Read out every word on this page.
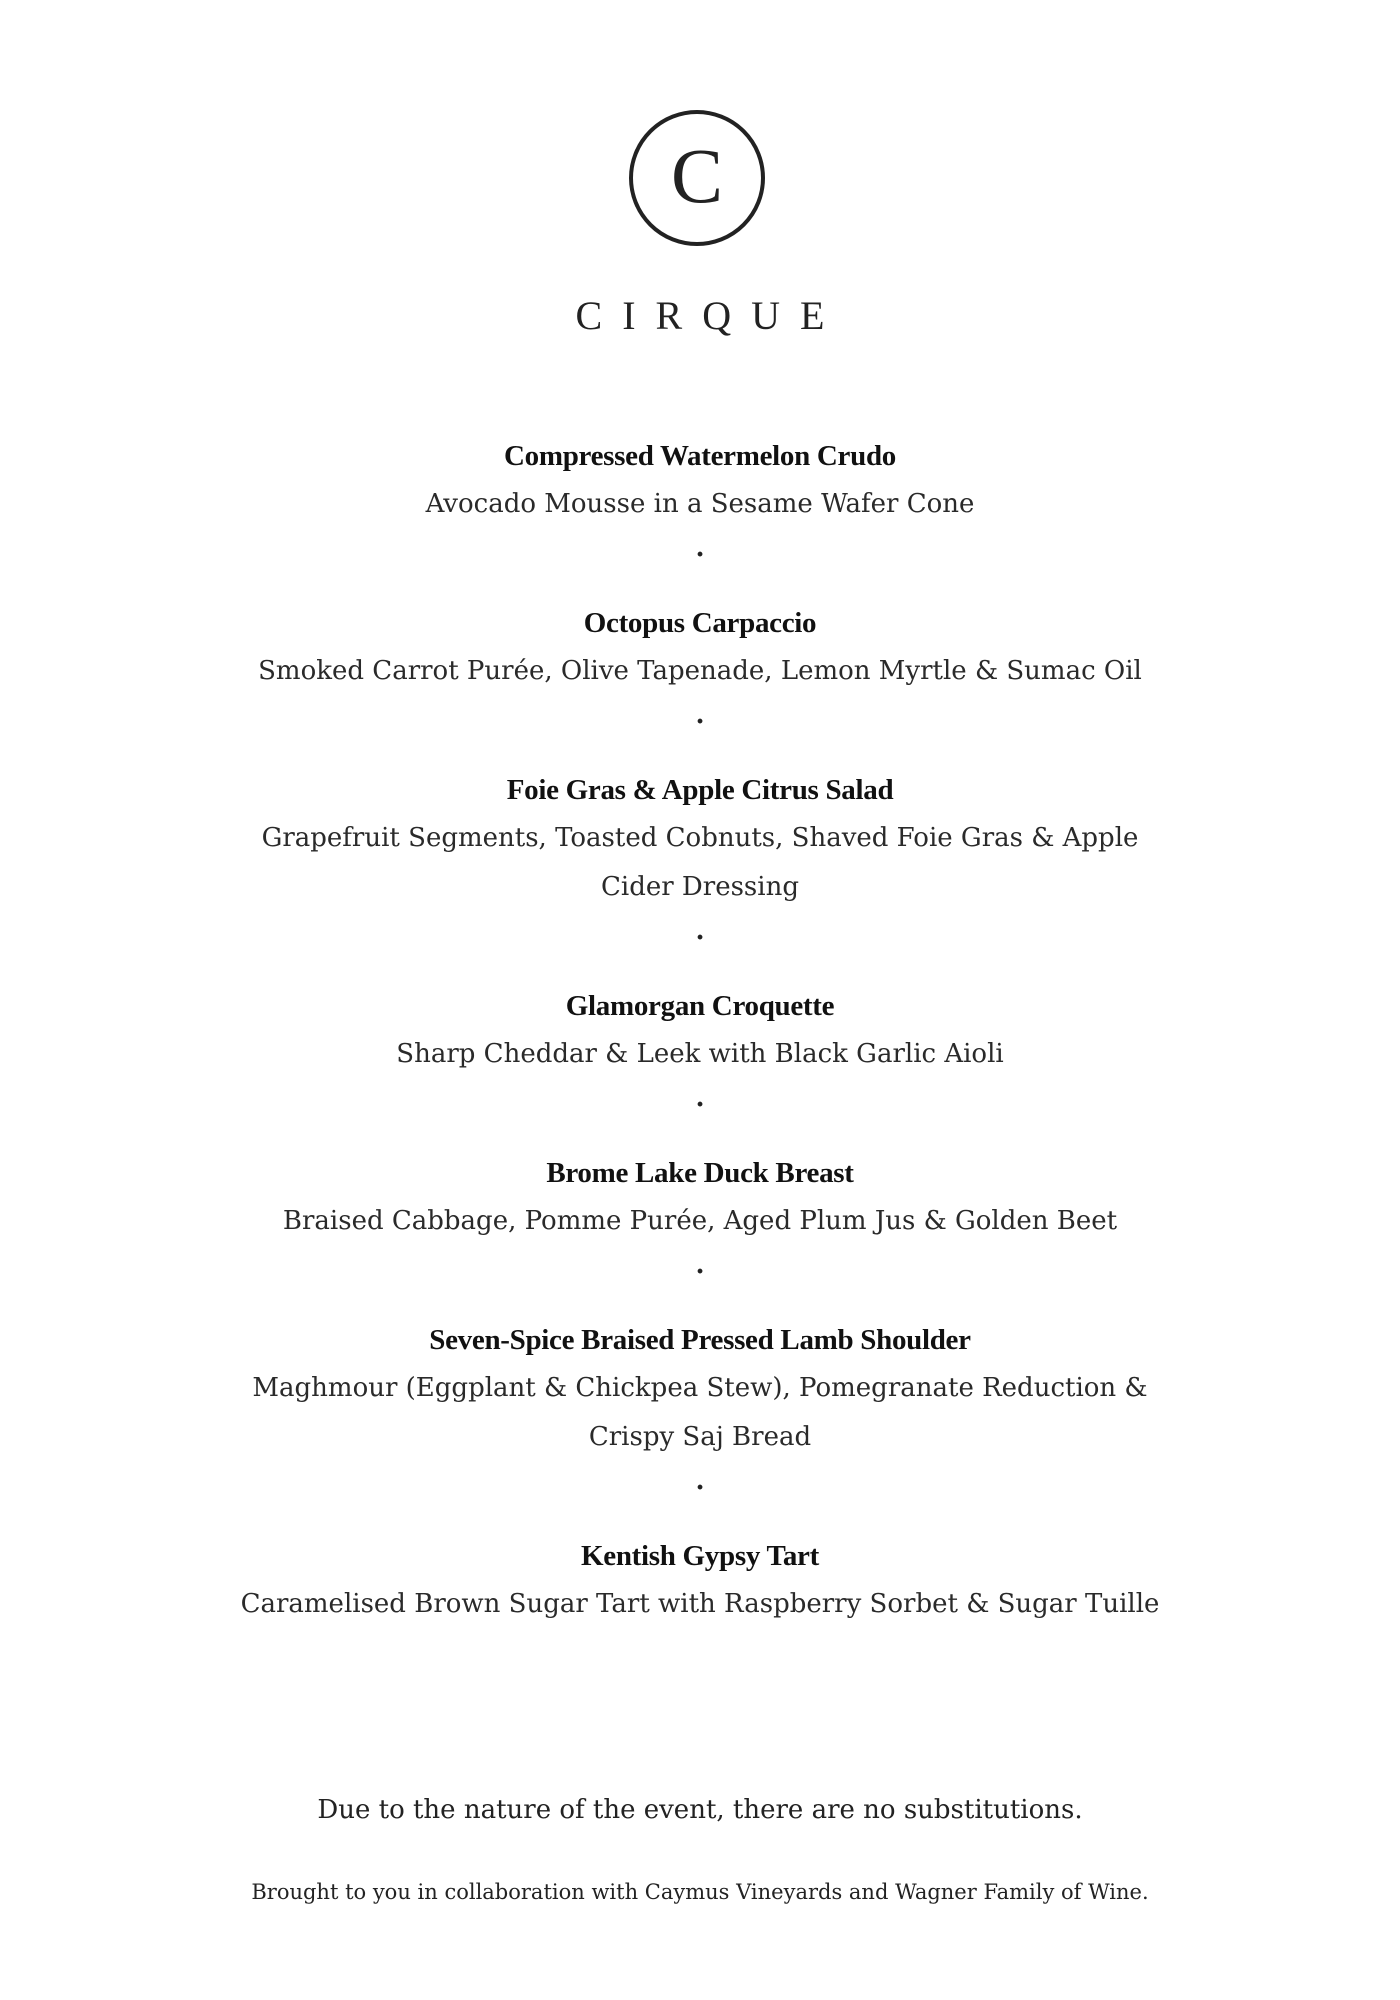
C
CIRQUE
Compressed Watermelon Crudo
Avocado Mousse in a Sesame Wafer Cone
.
Octopus Carpaccio
Smoked Carrot Purée, Olive Tapenade, Lemon Myrtle & Sumac Oil
.
Foie Gras & Apple Citrus Salad
Grapefruit Segments, Toasted Cobnuts, Shaved Foie Gras & Apple Cider Dressing
.
Glamorgan Croquette
Sharp Cheddar & Leek with Black Garlic Aioli
.
Brome Lake Duck Breast
Braised Cabbage, Pomme Purée, Aged Plum Jus & Golden Beet
.
Seven-Spice Braised Pressed Lamb Shoulder
Maghmour (Eggplant & Chickpea Stew), Pomegranate Reduction & Crispy Saj Bread
.
Kentish Gypsy Tart
Caramelised Brown Sugar Tart with Raspberry Sorbet & Sugar Tuille
Due to the nature of the event, there are no substitutions.
Brought to you in collaboration with Caymus Vineyards and Wagner Family of Wine.
